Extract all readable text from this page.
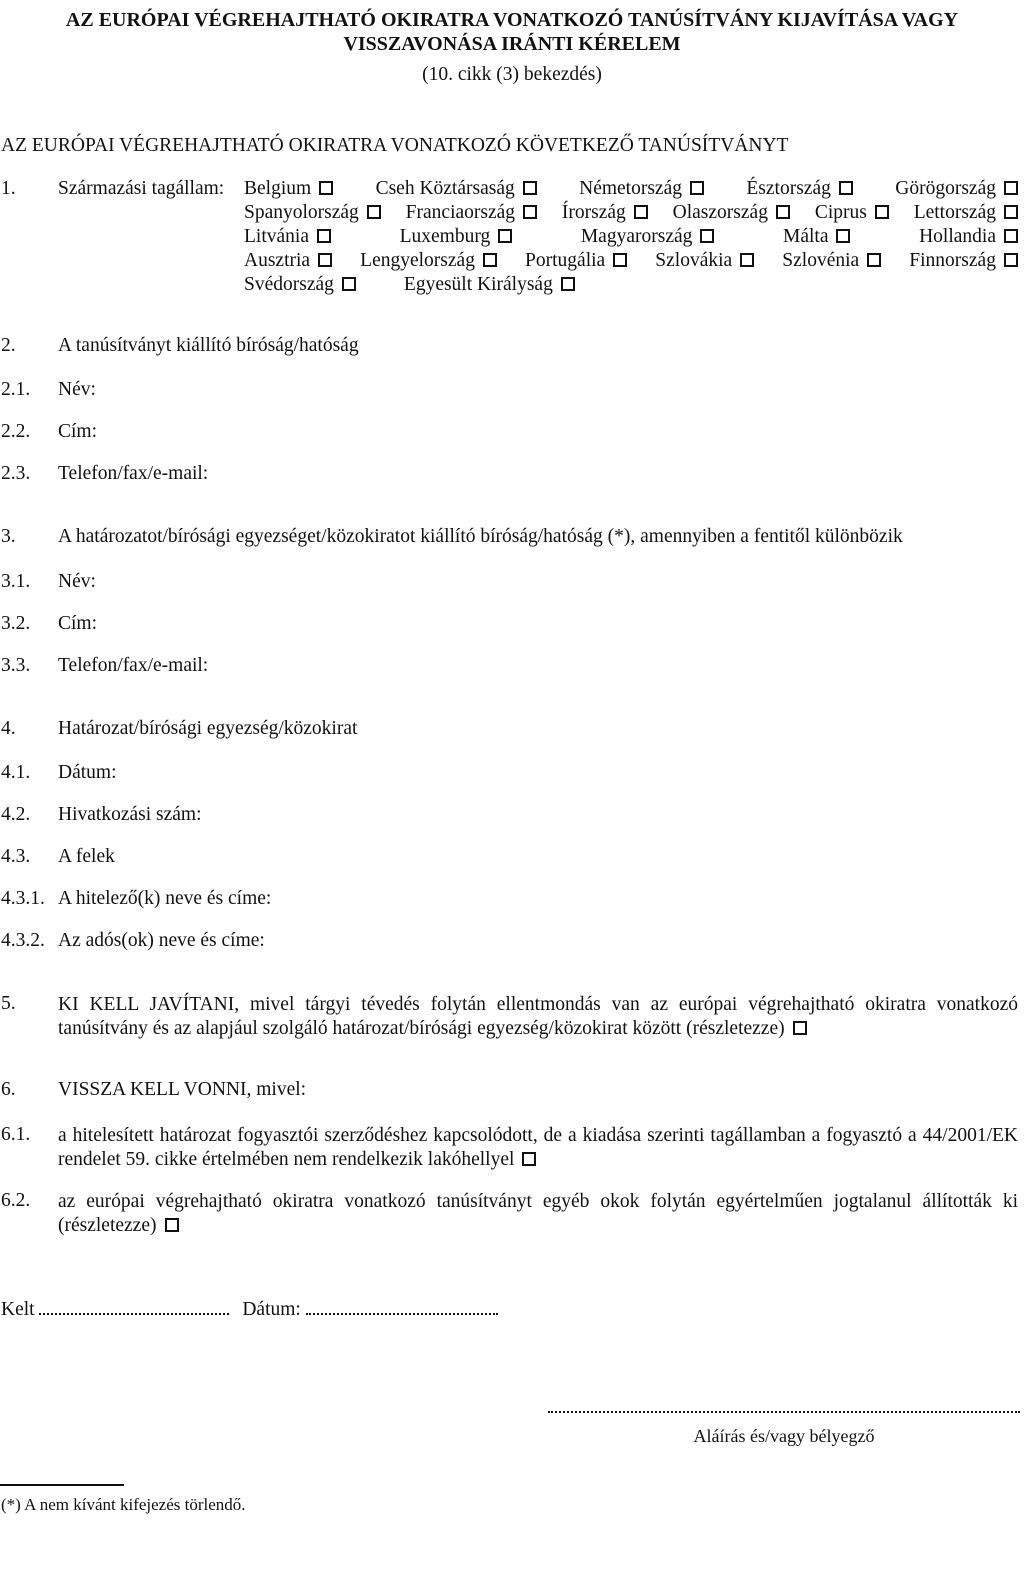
AZ EURÓPAI VÉGREHAJTHATÓ OKIRATRA VONATKOZÓ TANÚSÍTVÁNY KIJAVÍTÁSA VAGY
VISSZAVONÁSA IRÁNTI KÉRELEM
(10. cikk (3) bekezdés)
AZ EURÓPAI VÉGREHAJTHATÓ OKIRATRA VONATKOZÓ KÖVETKEZŐ TANÚSÍTVÁNYT
1. Származási tagállam: Belgium	Cseh Köztársaság	Németország	Észtország	Görögország
Spanyolország	Franciaország	Írország	Olaszország	Ciprus	Lettország
Litvánia	Luxemburg	Magyarország	Málta	Hollandia
Ausztria	Lengyelország	Portugália	Szlovákia	Szlovénia	Finnország
Svédország	Egyesült Királyság
2. A tanúsítványt kiállító bíróság/hatóság
2.1. Név:
2.2. Cím:
2.3. Telefon/fax/e-mail:
3. A határozatot/bírósági egyezséget/közokiratot kiállító bíróság/hatóság (*), amennyiben a fentitől különbözik
3.1. Név:
3.2. Cím:
3.3. Telefon/fax/e-mail:
4. Határozat/bírósági egyezség/közokirat
4.1. Dátum:
4.2. Hivatkozási szám:
4.3. A felek
4.3.1. A hitelező(k) neve és címe:
4.3.2. Az adós(ok) neve és címe:
5. KI KELL JAVÍTANI, mivel tárgyi tévedés folytán ellentmondás van az európai végrehajtható okiratra vonatkozó tanúsítvány és az alapjául szolgáló határozat/bírósági egyezség/közokirat között (részletezze)
6. VISSZA KELL VONNI, mivel:
6.1. a hitelesített határozat fogyasztói szerződéshez kapcsolódott, de a kiadása szerinti tagállamban a fogyasztó a 44/2001/EK rendelet 59. cikke értelmében nem rendelkezik lakóhellyel
6.2. az európai végrehajtható okiratra vonatkozó tanúsítványt egyéb okok folytán egyértelműen jogtalanul állították ki (részletezze)
Kelt	Dátum:
Aláírás és/vagy bélyegző
(*) A nem kívánt kifejezés törlendő.
